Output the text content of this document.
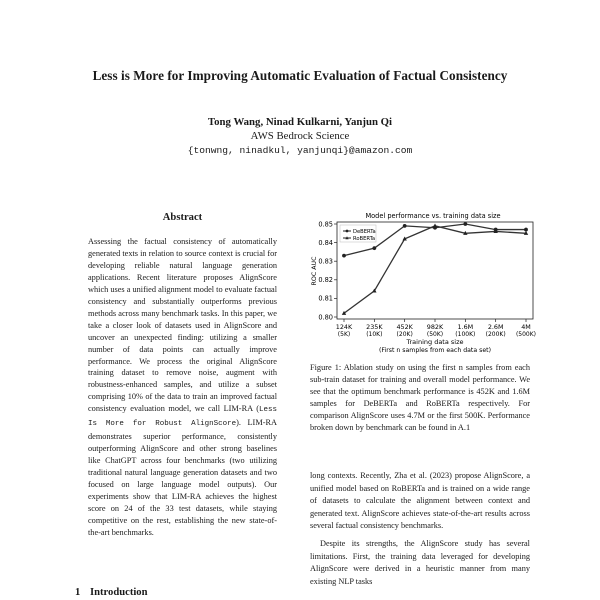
Less is More for Improving Automatic Evaluation of Factual Consistency
Tong Wang, Ninad Kulkarni, Yanjun Qi
AWS Bedrock Science
{tonwng, ninadkul, yanjunqi}@amazon.com
Abstract
Assessing the factual consistency of automatically generated texts in relation to source context is crucial for developing reliable natural language generation applications. Recent literature proposes AlignScore which uses a unified alignment model to evaluate factual consistency and substantially outperforms previous methods across many benchmark tasks. In this paper, we take a closer look of datasets used in AlignScore and uncover an unexpected finding: utilizing a smaller number of data points can actually improve performance. We process the original AlignScore training dataset to remove noise, augment with robustness-enhanced samples, and utilize a subset comprising 10% of the data to train an improved factual consistency evaluation model, we call LIM-RA (Less Is More for Robust AlignScore). LIM-RA demonstrates superior performance, consistently outperforming AlignScore and other strong baselines like ChatGPT across four benchmarks (two utilizing traditional natural language generation datasets and two focused on large language model outputs). Our experiments show that LIM-RA achieves the highest score on 24 of the 33 test datasets, while staying competitive on the rest, establishing the new state-of-the-art benchmarks.
1 Introduction
Model performance vs. training data size
0.80
0.81
0.82
0.83
0.84
0.85
124K
(5K)
235K
(10K)
452K
(20K)
982K
(50K)
1.6M
(100K)
2.6M
(200K)
4M
(500K)
DeBERTa
RoBERTa
ROC AUC
Training data size
(First n samples from each data set)
Figure 1: Ablation study on using the first n samples from each sub-train dataset for training and overall model performance. We see that the optimum benchmark performance is 452K and 1.6M samples for DeBERTa and RoBERTa respectively. For comparison AlignScore uses 4.7M or the first 500K. Performance broken down by benchmark can be found in A.1

long contexts. Recently, Zha et al. (2023) propose AlignScore, a unified model based on RoBERTa and is trained on a wide range of datasets to calculate the alignment between context and generated text. AlignScore achieves state-of-the-art results across several factual consistency benchmarks.

Despite its strengths, the AlignScore study has several limitations. First, the training data leveraged for developing AlignScore were derived in a heuristic manner from many existing NLP tasks
